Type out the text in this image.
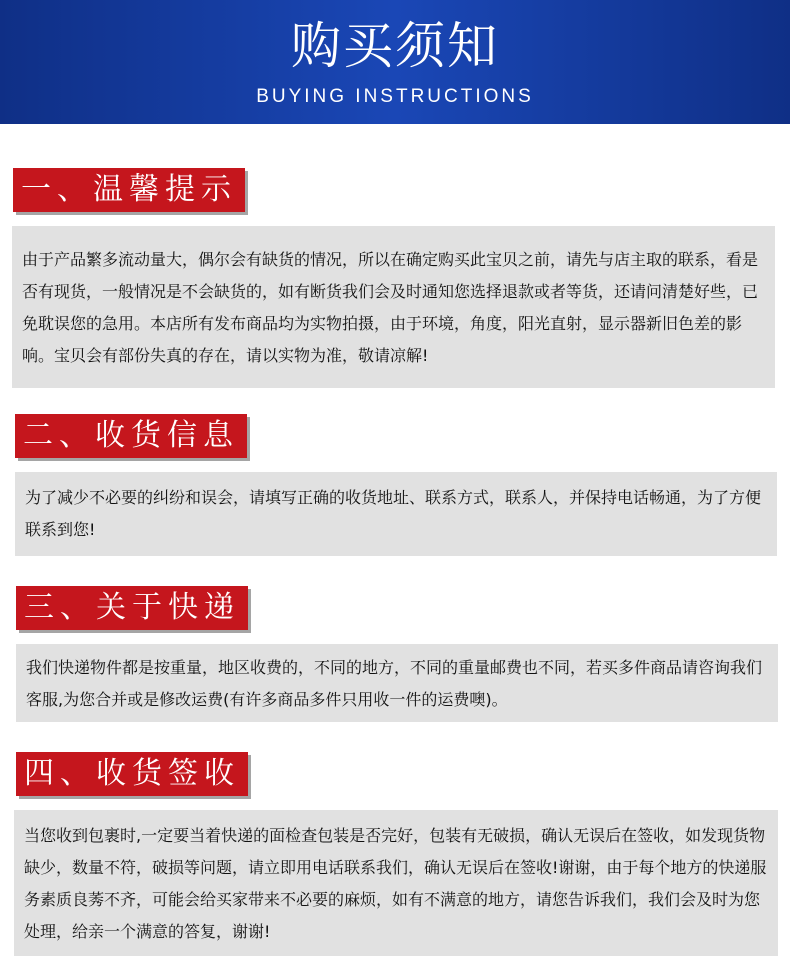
购买须知
BUYING INSTRUCTIONS
一、温馨提示
由于产品繁多流动量大，偶尔会有缺货的情况，所以在确定购买此宝贝之前，请先与店主取的联系，看是否有现货，一般情况是不会缺货的，如有断货我们会及时通知您选择退款或者等货，还请问清楚好些，已免耽误您的急用。本店所有发布商品均为实物拍摄，由于环境，角度，阳光直射，显示器新旧色差的影响。宝贝会有部份失真的存在，请以实物为准，敬请凉解!
二、收货信息
为了减少不必要的纠纷和误会，请填写正确的收货地址、联系方式，联系人，并保持电话畅通，为了方便联系到您!
三、关于快递
我们快递物件都是按重量，地区收费的，不同的地方，不同的重量邮费也不同，若买多件商品请咨询我们客服,为您合并或是修改运费(有许多商品多件只用收一件的运费噢)。
四、收货签收
当您收到包裹时,一定要当着快递的面检查包装是否完好，包装有无破损，确认无误后在签收，如发现货物缺少，数量不符，破损等问题，请立即用电话联系我们，确认无误后在签收!谢谢，由于每个地方的快递服务素质良莠不齐，可能会给买家带来不必要的麻烦，如有不满意的地方，请您告诉我们，我们会及时为您处理，给亲一个满意的答复，谢谢!
